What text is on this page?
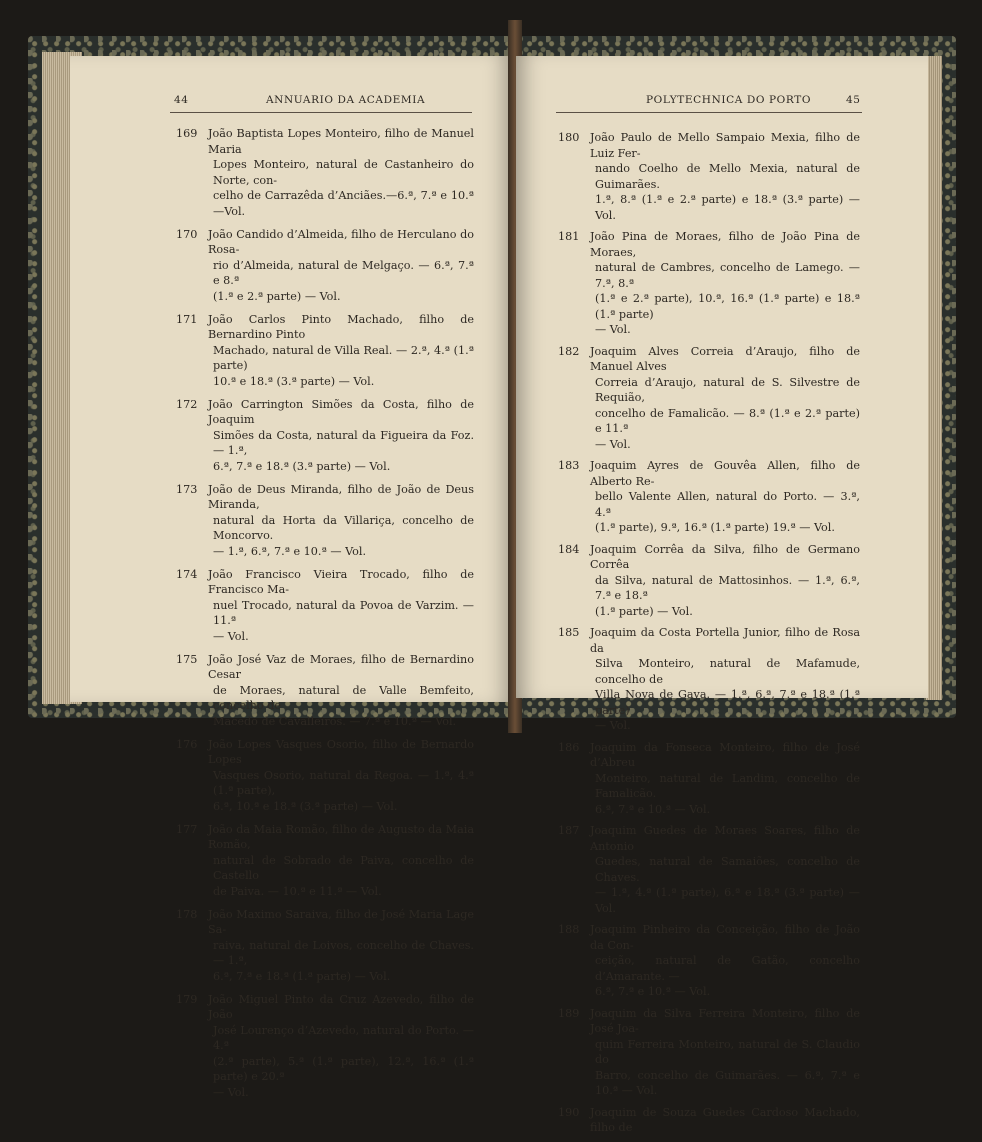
44	ANNUARIO DA ACADEMIA
169 João Baptista Lopes Monteiro, filho de Manuel Maria
Lopes Monteiro, natural de Castanheiro do Norte, con-
celho de Carrazêda d’Anciães.—6.ª, 7.ª e 10.ª—Vol.
170 João Candido d’Almeida, filho de Herculano do Rosa-
rio d’Almeida, natural de Melgaço. — 6.ª, 7.ª e 8.ª
(1.ª e 2.ª parte) — Vol.
171 João Carlos Pinto Machado, filho de Bernardino Pinto
Machado, natural de Villa Real. — 2.ª, 4.ª (1.ª parte)
10.ª e 18.ª (3.ª parte) — Vol.
172 João Carrington Simões da Costa, filho de Joaquim
Simões da Costa, natural da Figueira da Foz. — 1.ª,
6.ª, 7.ª e 18.ª (3.ª parte) — Vol.
173 João de Deus Miranda, filho de João de Deus Miranda,
natural da Horta da Villariça, concelho de Moncorvo.
— 1.ª, 6.ª, 7.ª e 10.ª — Vol.
174 João Francisco Vieira Trocado, filho de Francisco Ma-
nuel Trocado, natural da Povoa de Varzim. — 11.ª
— Vol.
175 João José Vaz de Moraes, filho de Bernardino Cesar
de Moraes, natural de Valle Bemfeito, concelho de
Macedo de Cavalleiros. — 7.ª e 10.ª — Vol.
176 João Lopes Vasques Osorio, filho de Bernardo Lopes
Vasques Osorio, natural da Regoa. — 1.ª, 4.ª (1.ª parte),
6.ª, 10.ª e 18.ª (3.ª parte) — Vol.
177 João da Maia Romão, filho de Augusto da Maia Romão,
natural de Sobrado de Paiva, concelho de Castello
de Paiva. — 10.ª e 11.ª — Vol.
178 João Maximo Saraiva, filho de José Maria Lage Sa-
raiva, natural de Loivos, concelho de Chaves. — 1.ª,
6.ª, 7.ª e 18.ª (1.ª parte) — Vol.
179 João Miguel Pinto da Cruz Azevedo, filho de João
José Lourenço d’Azevedo, natural do Porto. — 4.ª
(2.ª parte), 5.ª (1.ª parte), 12.ª, 16.ª (1.ª parte) e 20.ª
— Vol.
POLYTECHNICA DO PORTO	45
180 João Paulo de Mello Sampaio Mexia, filho de Luiz Fer-
nando Coelho de Mello Mexia, natural de Guimarães.
1.ª, 8.ª (1.ª e 2.ª parte) e 18.ª (3.ª parte) — Vol.
181 João Pina de Moraes, filho de João Pina de Moraes,
natural de Cambres, concelho de Lamego. — 7.ª, 8.ª
(1.ª e 2.ª parte), 10.ª, 16.ª (1.ª parte) e 18.ª (1.ª parte)
— Vol.
182 Joaquim Alves Correia d’Araujo, filho de Manuel Alves
Correia d’Araujo, natural de S. Silvestre de Requião,
concelho de Famalicão. — 8.ª (1.ª e 2.ª parte) e 11.ª
— Vol.
183 Joaquim Ayres de Gouvêa Allen, filho de Alberto Re-
bello Valente Allen, natural do Porto. — 3.ª, 4.ª
(1.ª parte), 9.ª, 16.ª (1.ª parte) 19.ª — Vol.
184 Joaquim Corrêa da Silva, filho de Germano Corrêa
da Silva, natural de Mattosinhos. — 1.ª, 6.ª, 7.ª e 18.ª
(1.ª parte) — Vol.
185 Joaquim da Costa Portella Junior, filho de Rosa da
Silva Monteiro, natural de Mafamude, concelho de
Villa Nova de Gaya. — 1.ª, 6.ª, 7.ª e 18.ª (1.ª parte)
— Vol.
186 Joaquim da Fonseca Monteiro, filho de José d’Abreu
Monteiro, natural de Landim, concelho de Famalicão.
6.ª, 7.ª e 10.ª — Vol.
187 Joaquim Guedes de Moraes Soares, filho de Antonio
Guedes, natural de Samaiões, concelho de Chaves.
— 1.ª, 4.ª (1.ª parte), 6.ª e 18.ª (3.ª parte) — Vol.
188 Joaquim Pinheiro da Conceição, filho de João da Con-
ceição, natural de Gatão, concelho d’Amarante. —
6.ª, 7.ª e 10.ª — Vol.
189 Joaquim da Silva Ferreira Monteiro, filho de José Joa-
quim Ferreira Monteiro, natural de S. Claudio do
Barro, concelho de Guimarães. — 6.ª, 7.ª e 10.ª — Vol.
190 Joaquim de Souza Guedes Cardoso Machado, filho de
